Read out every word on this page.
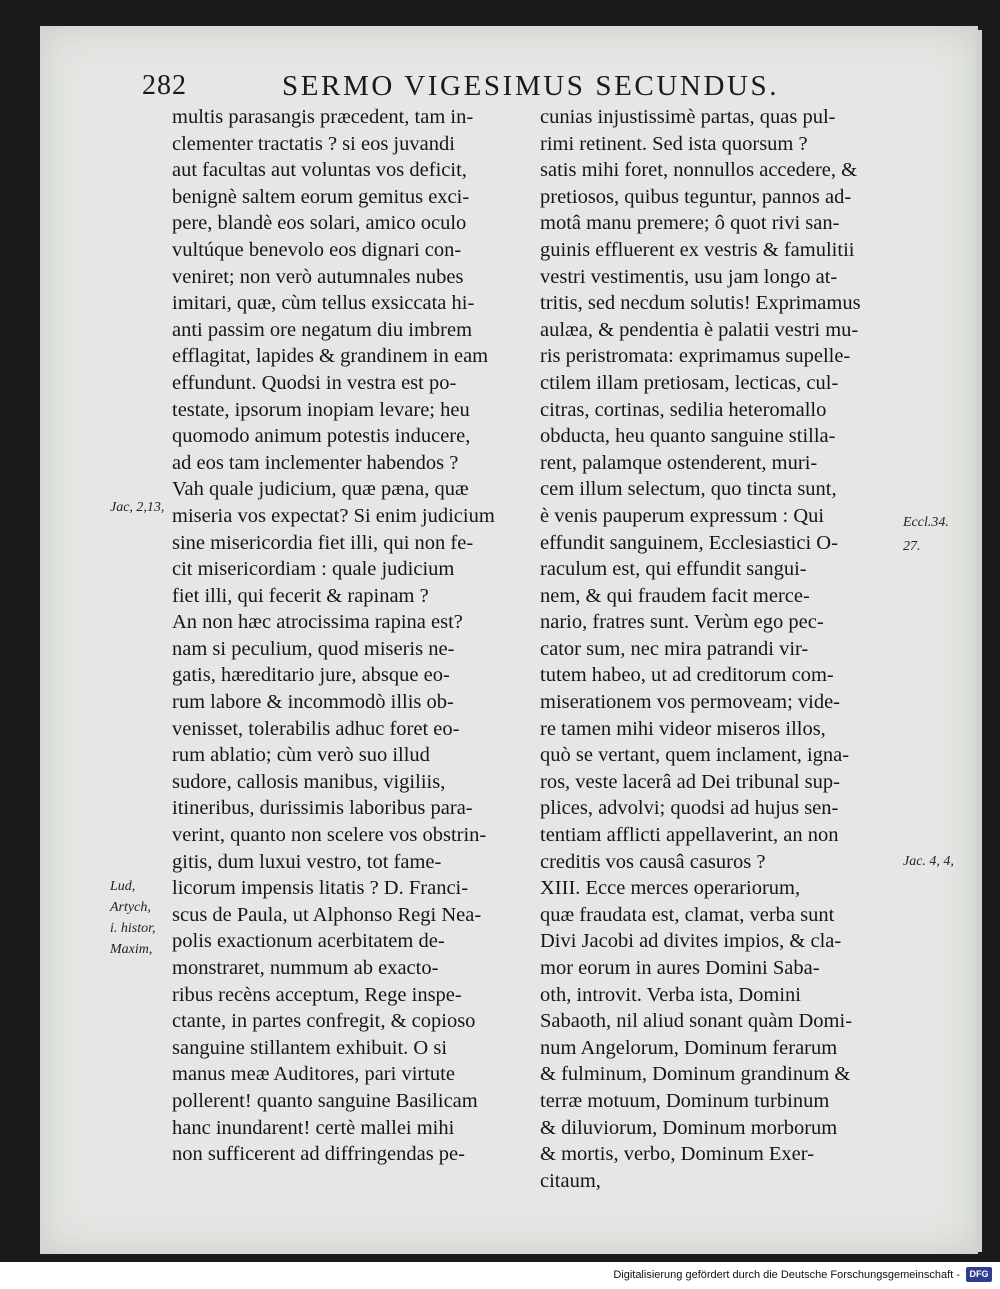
282	SERMO VIGESIMUS SECUNDUS.
multis parasangis præcedent, tam in-
clementer tractatis ? si eos juvandi
aut facultas aut voluntas vos deficit,
benignè saltem eorum gemitus exci-
pere, blandè eos solari, amico oculo
vultúque benevolo eos dignari con-
veniret; non verò autumnales nubes
imitari, quæ, cùm tellus exsiccata hi-
anti passim ore negatum diu imbrem
efflagitat, lapides & grandinem in eam
effundunt. Quodsi in vestra est po-
testate, ipsorum inopiam levare; heu
quomodo animum potestis inducere,
ad eos tam inclementer habendos ?
Vah quale judicium, quæ pæna, quæ
miseria vos expectat? Si enim judicium
sine misericordia fiet illi, qui non fe-
cit misericordiam : quale judicium
fiet illi, qui fecerit & rapinam ?
An non hæc atrocissima rapina est?
nam si peculium, quod miseris ne-
gatis, hæreditario jure, absque eo-
rum labore & incommodò illis ob-
venisset, tolerabilis adhuc foret eo-
rum ablatio; cùm verò suo illud
sudore, callosis manibus, vigiliis,
itineribus, durissimis laboribus para-
verint, quanto non scelere vos obstrin-
gitis, dum luxui vestro, tot fame-
licorum impensis litatis ? D. Franci-
scus de Paula, ut Alphonso Regi Nea-
polis exactionum acerbitatem de-
monstraret, nummum ab exacto-
ribus recèns acceptum, Rege inspe-
ctante, in partes confregit, & copioso
sanguine stillantem exhibuit. O si
manus meæ Auditores, pari virtute
pollerent! quanto sanguine Basilicam
hanc inundarent! certè mallei mihi
non sufficerent ad diffringendas pe-
cunias injustissimè partas, quas pul-
rimi retinent. Sed ista quorsum ?
satis mihi foret, nonnullos accedere, &
pretiosos, quibus teguntur, pannos ad-
motâ manu premere; ô quot rivi san-
guinis effluerent ex vestris & famulitii
vestri vestimentis, usu jam longo at-
tritis, sed necdum solutis! Exprimamus
aulæa, & pendentia è palatii vestri mu-
ris peristromata: exprimamus supelle-
ctilem illam pretiosam, lecticas, cul-
citras, cortinas, sedilia heteromallo
obducta, heu quanto sanguine stilla-
rent, palamque ostenderent, muri-
cem illum selectum, quo tincta sunt,
è venis pauperum expressum : Qui
effundit sanguinem, Ecclesiastici O-
raculum est, qui effundit sangui-
nem, & qui fraudem facit merce-
nario, fratres sunt. Verùm ego pec-
cator sum, nec mira patrandi vir-
tutem habeo, ut ad creditorum com-
miserationem vos permoveam; vide-
re tamen mihi videor miseros illos,
quò se vertant, quem inclament, igna-
ros, veste lacerâ ad Dei tribunal sup-
plices, advolvi; quodsi ad hujus sen-
tentiam afflicti appellaverint, an non
creditis vos causâ casuros ?
XIII. Ecce merces operariorum,
quæ fraudata est, clamat, verba sunt
Divi Jacobi ad divites impios, & cla-
mor eorum in aures Domini Saba-
oth, introvit. Verba ista, Domini
Sabaoth, nil aliud sonant quàm Domi-
num Angelorum, Dominum ferarum
& fulminum, Dominum grandinum &
terræ motuum, Dominum turbinum
& diluviorum, Dominum morborum
& mortis, verbo, Dominum Exer-
citaum,
Jac, 2,13,
Eccl.34.
27.
Jac. 4, 4,
Lud,
Artych,
i. histor,
Maxim,
Digitalisierung gefördert durch die Deutsche Forschungsgemeinschaft -	DFG
